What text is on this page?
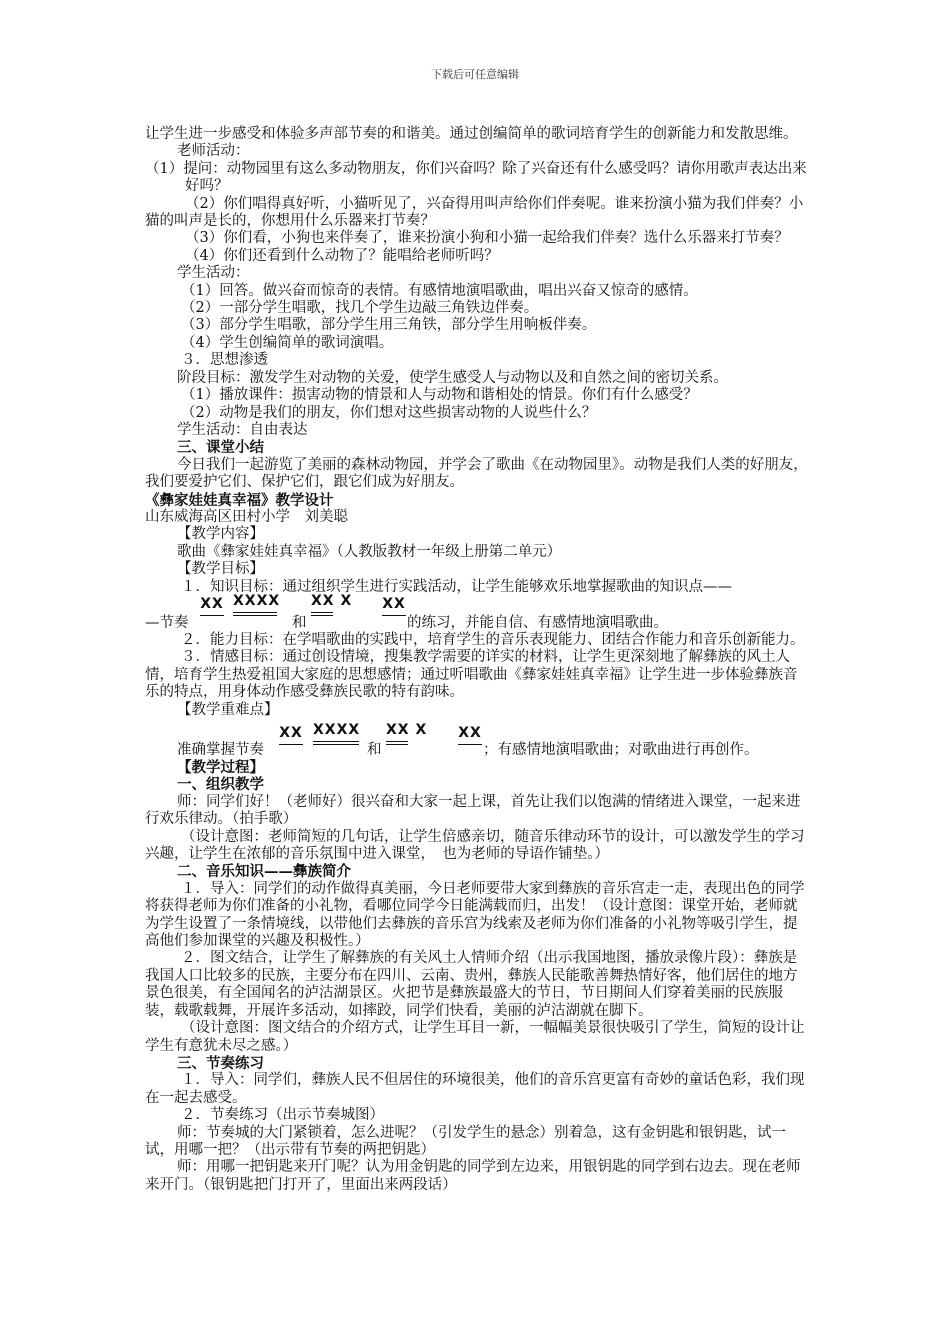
下载后可任意编辑

让学生进一步感受和体验多声部节奏的和谐美。通过创编简单的歌词培育学生的创新能力和发散思维。

老师活动：

（1）提问：动物园里有这么多动物朋友，你们兴奋吗？除了兴奋还有什么感受吗？请你用歌声表达出来好吗？

（2）你们唱得真好听，小猫听见了，兴奋得用叫声给你们伴奏呢。谁来扮演小猫为我们伴奏？小猫的叫声是长的，你想用什么乐器来打节奏？

（3）你们看，小狗也来伴奏了，谁来扮演小狗和小猫一起给我们伴奏？选什么乐器来打节奏？

（4）你们还看到什么动物了？能唱给老师听吗？

学生活动：

（1）回答。做兴奋而惊奇的表情。有感情地演唱歌曲，唱出兴奋又惊奇的感情。

（2）一部分学生唱歌，找几个学生边敲三角铁边伴奏。

（3）部分学生唱歌，部分学生用三角铁，部分学生用响板伴奏。

（4）学生创编简单的歌词演唱。

３．思想渗透

阶段目标：激发学生对动物的关爱，使学生感受人与动物以及和自然之间的密切关系。

（1）播放课件：损害动物的情景和人与动物和谐相处的情景。你们有什么感受？

（2）动物是我们的朋友，你们想对这些损害动物的人说些什么？

学生活动：自由表达

三、课堂小结

今日我们一起游览了美丽的森林动物园，并学会了歌曲《在动物园里》。动物是我们人类的好朋友，我们要爱护它们、保护它们，跟它们成为好朋友。

《彝家娃娃真幸福》教学设计

山东威海高区田村小学　刘美聪

【教学内容】

歌曲《彝家娃娃真幸福》（人教版教材一年级上册第二单元）

【教学目标】

１．知识目标：通过组织学生进行实践活动，让学生能够欢乐地掌握歌曲的知识点——

—节奏
XX XXXX
和
XX X	XX
的练习，并能自信、有感情地演唱歌曲。

２．能力目标：在学唱歌曲的实践中，培育学生的音乐表现能力、团结合作能力和音乐创新能力。

３．情感目标：通过创设情境，搜集教学需要的详实的材料，让学生更深刻地了解彝族的风土人情，培育学生热爱祖国大家庭的思想感情；通过听唱歌曲《彝家娃娃真幸福》让学生进一步体验彝族音乐的特点，用身体动作感受彝族民歌的特有韵味。

【教学重难点】

准确掌握节奏
XX XXXX
和
XX X	XX
；有感情地演唱歌曲；对歌曲进行再创作。

【教学过程】

一、组织教学

师：同学们好！（老师好）很兴奋和大家一起上课，首先让我们以饱满的情绪进入课堂，一起来进行欢乐律动。（拍手歌）

（设计意图：老师简短的几句话，让学生倍感亲切，随音乐律动环节的设计，可以激发学生的学习兴趣，让学生在浓郁的音乐氛围中进入课堂，　也为老师的导语作铺垫。）

二、音乐知识——彝族简介

１．导入：同学们的动作做得真美丽，今日老师要带大家到彝族的音乐宫走一走，表现出色的同学将获得老师为你们准备的小礼物，看哪位同学今日能满载而归，出发！（设计意图：课堂开始，老师就为学生设置了一条情境线，以带他们去彝族的音乐宫为线索及老师为你们准备的小礼物等吸引学生，提高他们参加课堂的兴趣及积极性。）

２．图文结合，让学生了解彝族的有关风土人情师介绍（出示我国地图，播放录像片段）：彝族是我国人口比较多的民族，主要分布在四川、云南、贵州，彝族人民能歌善舞热情好客，他们居住的地方景色很美，有全国闻名的泸沽湖景区。火把节是彝族最盛大的节日，节日期间人们穿着美丽的民族服装，载歌载舞，开展许多活动，如摔跤，同学们快看，美丽的泸沽湖就在脚下。

（设计意图：图文结合的介绍方式，让学生耳目一新，一幅幅美景很快吸引了学生，简短的设计让学生有意犹未尽之感。）

三、节奏练习

１．导入：同学们，彝族人民不但居住的环境很美，他们的音乐宫更富有奇妙的童话色彩，我们现在一起去感受。

２．节奏练习（出示节奏城图）

师：节奏城的大门紧锁着，怎么进呢？（引发学生的悬念）别着急，这有金钥匙和银钥匙，试一试，用哪一把？（出示带有节奏的两把钥匙）

师：用哪一把钥匙来开门呢？认为用金钥匙的同学到左边来，用银钥匙的同学到右边去。现在老师来开门。（银钥匙把门打开了，里面出来两段话）
